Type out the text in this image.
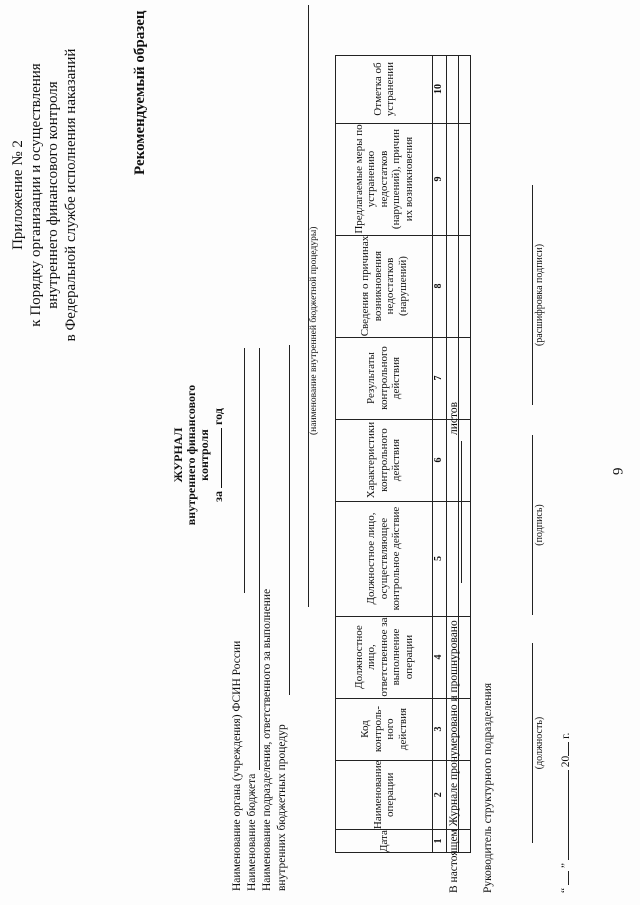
6
Приложение № 2 к Порядку организации и осуществления внутреннего финансового контроля в Федеральной службе исполнения наказаний	Рекомендуемый образец
ЖУРНАЛ внутреннего финансового контроля
за  год
Наименование органа (учреждения) ФСИН России Наименование бюджета Наименование подразделения, ответственного за выполнение внутренних бюджетных процедур
(наименование внутренней бюджетной процедуры)
Дата	Наименование операции	Код контроль-ного действия	Должностное лицо, ответственное за выполнение операции	Должностное лицо, осуществляющее контрольное действие	Характеристики контрольного действия	Результаты контрольного действия	Сведения о причинах возникновения недостатков (нарушений)	Предлагаемые меры по устранению недостатков (нарушений), причин их возникновения	Отметка об устранении
1	2	3	4	5	6	7	8	9	10

В настоящем Журнале пронумеровано и прошнуровано
листов
Руководитель структурного подразделения	(должность)
(подпись)
(расшифровка подписи)
“  ”  20 г.
